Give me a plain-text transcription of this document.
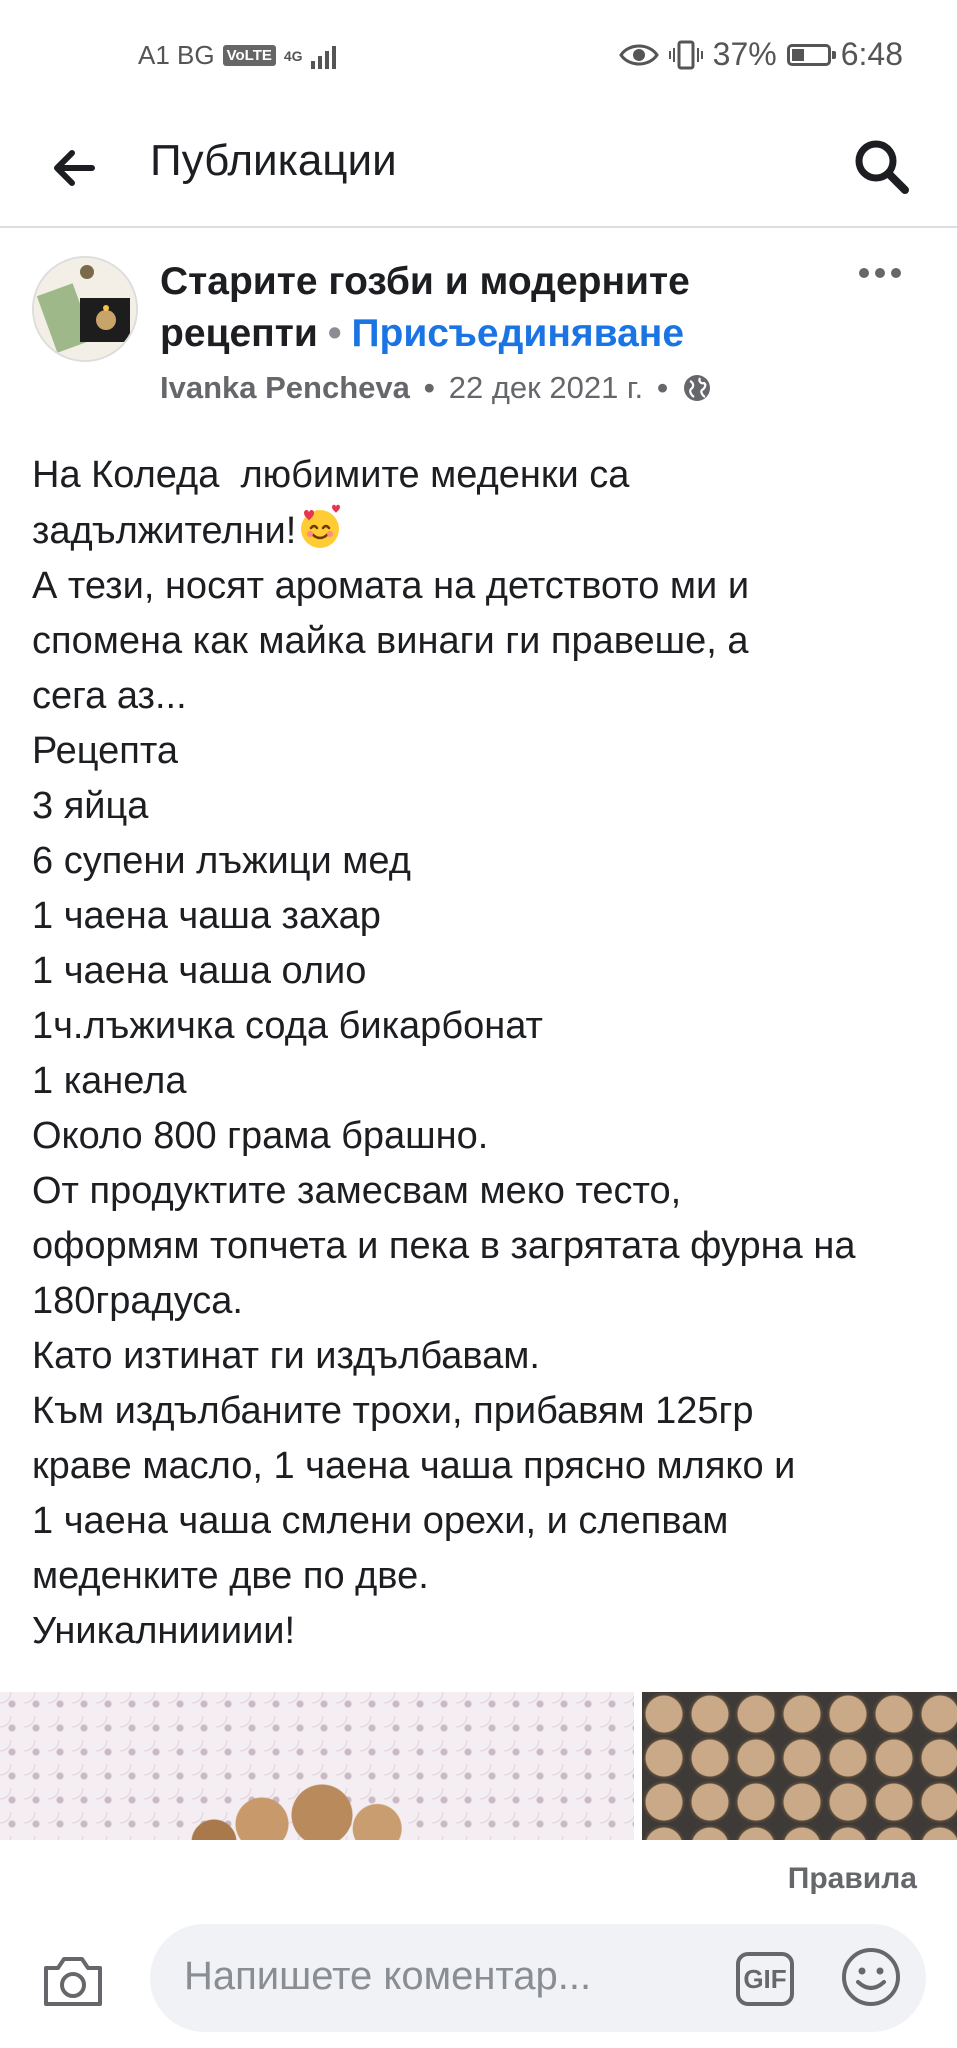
A1 BG VoLTE 4G	37% 6:48
Публикации
Старите гозби и модерните
рецепти • Присъединяване
Ivanka Pencheva • 22 дек 2021 г. •
На Коледа  любимите меденки са
задължителни!
А тези, носят аромата на детството ми и
спомена как майка винаги ги правеше, а
сега аз...
Рецепта
3 яйца
6 супени лъжици мед
1 чаена чаша захар
1 чаена чаша олио
1ч.лъжичка сода бикарбонат
1 канела
Около 800 грама брашно.
От продуктите замесвам меко тесто,
оформям топчета и пека в загрятата фурна на
180градуса.
Като изтинат ги издълбавам.
Към издълбаните трохи, прибавям 125гр
краве масло, 1 чаена чаша прясно мляко и
1 чаена чаша смлени орехи, и слепвам
меденките две по две.
Уникалниииии!
Правила
Напишете коментар...	GIF
